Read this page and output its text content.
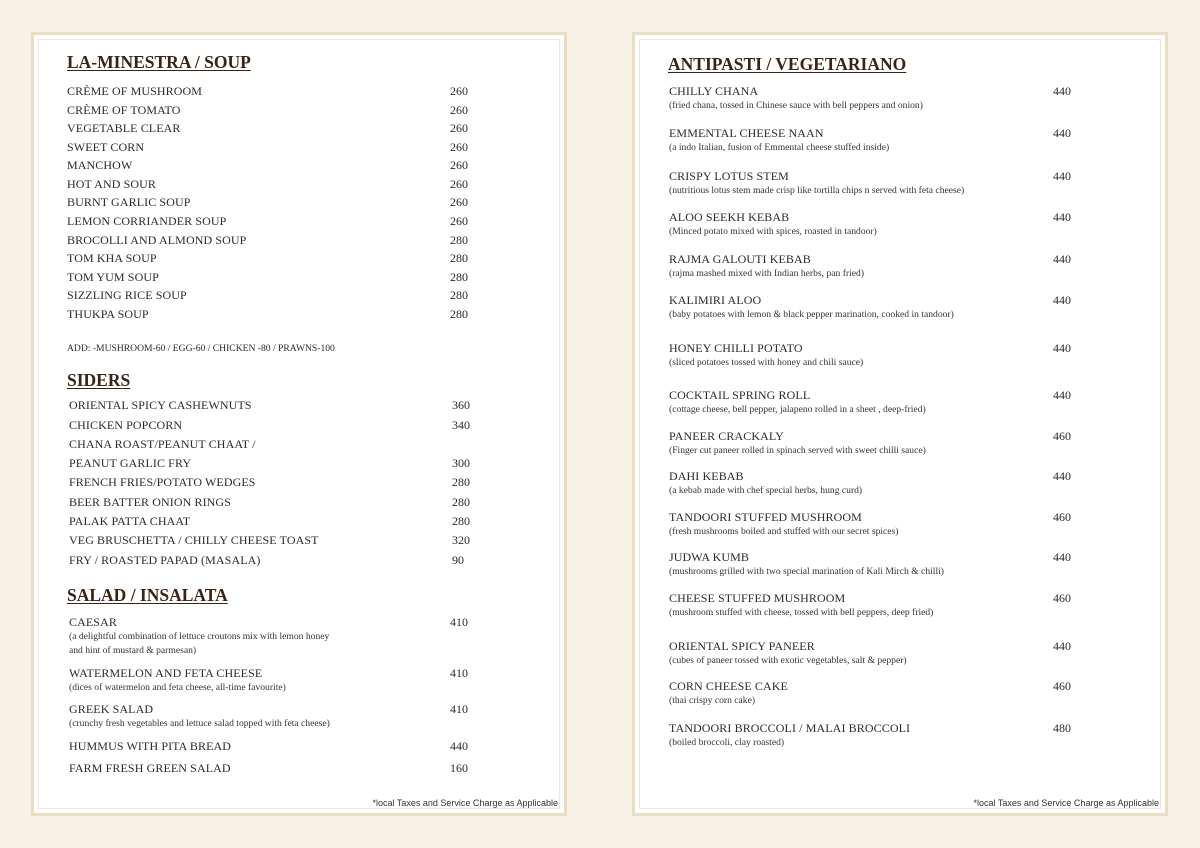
LA-MINESTRA / SOUP
CRÈME OF MUSHROOM	260
CRÈME OF TOMATO	260
VEGETABLE CLEAR	260
SWEET CORN	260
MANCHOW	260
HOT AND SOUR	260
BURNT GARLIC SOUP	260
LEMON CORRIANDER SOUP	260
BROCOLLI AND ALMOND SOUP	280
TOM KHA SOUP	280
TOM YUM SOUP	280
SIZZLING RICE SOUP	280
THUKPA SOUP	280
ADD: -MUSHROOM-60 / EGG-60 / CHICKEN -80 / PRAWNS-100
SIDERS
ORIENTAL SPICY CASHEWNUTS	360
CHICKEN POPCORN	340
CHANA ROAST/PEANUT CHAAT /
PEANUT GARLIC FRY	300
FRENCH FRIES/POTATO WEDGES	280
BEER BATTER ONION RINGS	280
PALAK PATTA CHAAT	280
VEG BRUSCHETTA / CHILLY CHEESE TOAST	320
FRY / ROASTED PAPAD (MASALA)	90
SALAD / INSALATA
CAESAR	410
(a delightful combination of lettuce croutons mix with lemon honey
and hint of mustard & parmesan)
WATERMELON AND FETA CHEESE	410
(dices of watermelon and feta cheese, all-time favourite)
GREEK SALAD	410
(crunchy fresh vegetables and lettuce salad topped with feta cheese)
HUMMUS WITH PITA BREAD	440
FARM FRESH GREEN SALAD	160
*local Taxes and Service Charge as Applicable
ANTIPASTI / VEGETARIANO
CHILLY CHANA	440
(fried chana, tossed in Chinese sauce with bell peppers and onion)
EMMENTAL CHEESE NAAN	440
(a indo Italian, fusion of Emmental cheese stuffed inside)
CRISPY LOTUS STEM	440
(nutritious lotus stem made crisp like tortilla chips n served with feta cheese)
ALOO SEEKH KEBAB	440
(Minced potato mixed with spices, roasted in tandoor)
RAJMA GALOUTI KEBAB	440
(rajma mashed mixed with Indian herbs, pan fried)
KALIMIRI ALOO	440
(baby potatoes with lemon & black pepper marination, cooked in tandoor)
HONEY CHILLI POTATO	440
(sliced potatoes tossed with honey and chili sauce)
COCKTAIL SPRING ROLL	440
(cottage cheese, bell pepper, jalapeno rolled in a sheet , deep-fried)
PANEER CRACKALY	460
(Finger cut paneer rolled in spinach served with sweet chilli sauce)
DAHI KEBAB	440
(a kebab made with chef special herbs, hung curd)
TANDOORI STUFFED MUSHROOM	460
(fresh mushrooms boiled and stuffed with our secret spices)
JUDWA KUMB	440
(mushrooms grilled with two special marination of Kali Mirch & chilli)
CHEESE STUFFED MUSHROOM	460
(mushroom stuffed with cheese, tossed with bell peppers, deep fried)
ORIENTAL SPICY PANEER	440
(cubes of paneer tossed with exotic vegetables, salt & pepper)
CORN CHEESE CAKE	460
(thai crispy corn cake)
TANDOORI BROCCOLI / MALAI BROCCOLI	480
(boiled broccoli, clay roasted)
*local Taxes and Service Charge as Applicable
